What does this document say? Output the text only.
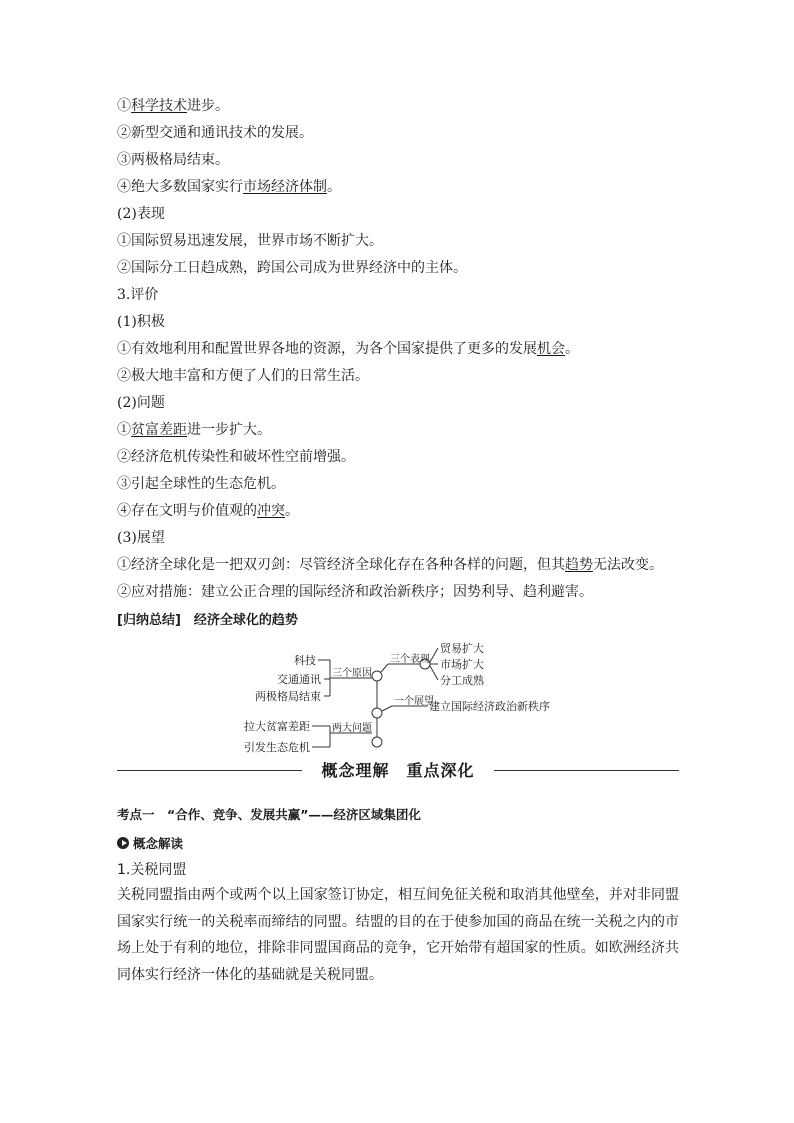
①科学技术进步。
②新型交通和通讯技术的发展。
③两极格局结束。
④绝大多数国家实行市场经济体制。
(2)表现
①国际贸易迅速发展，世界市场不断扩大。
②国际分工日趋成熟，跨国公司成为世界经济中的主体。
3.评价
(1)积极
①有效地利用和配置世界各地的资源，为各个国家提供了更多的发展机会。
②极大地丰富和方便了人们的日常生活。
(2)问题
①贫富差距进一步扩大。
②经济危机传染性和破坏性空前增强。
③引起全球性的生态危机。
④存在文明与价值观的冲突。
(3)展望
①经济全球化是一把双刃剑：尽管经济全球化存在各种各样的问题，但其趋势无法改变。
②应对措施：建立公正合理的国际经济和政治新秩序；因势利导、趋利避害。
[归纳总结]　经济全球化的趋势
科技
交通通讯
两极格局结束
三个原因
三个表现
贸易扩大
市场扩大
分工成熟
一个展望
建立国际经济政治新秩序
两大问题
拉大贫富差距
引发生态危机
概念理解　重点深化
考点一　“合作、竞争、发展共赢”——经济区域集团化
概念解读
1.关税同盟
关税同盟指由两个或两个以上国家签订协定，相互间免征关税和取消其他壁垒，并对非同盟国家实行统一的关税率而缔结的同盟。结盟的目的在于使参加国的商品在统一关税之内的市场上处于有利的地位，排除非同盟国商品的竞争，它开始带有超国家的性质。如欧洲经济共同体实行经济一体化的基础就是关税同盟。
